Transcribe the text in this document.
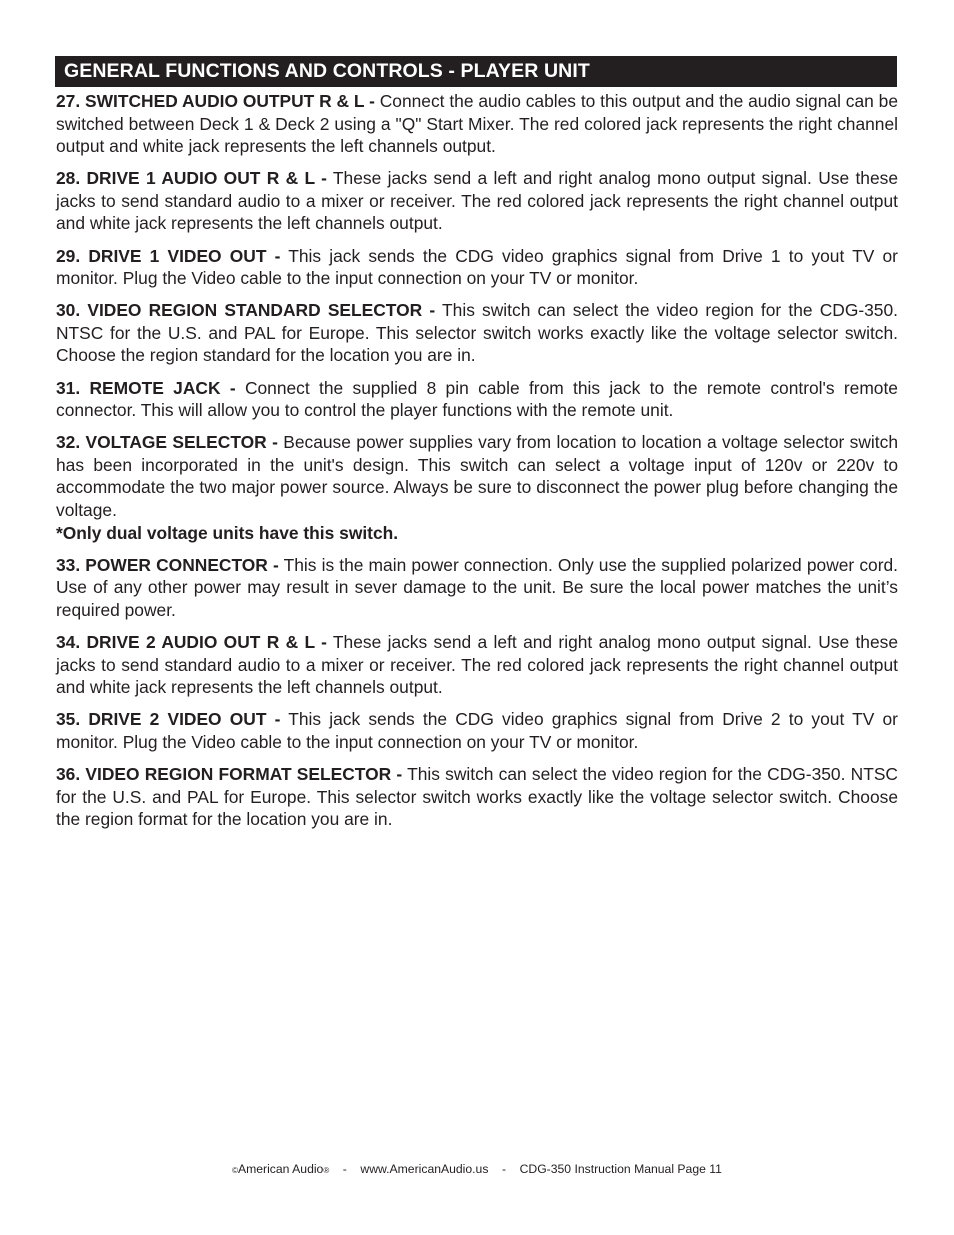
GENERAL FUNCTIONS AND CONTROLS - PLAYER UNIT

27. SWITCHED AUDIO OUTPUT R & L - Connect the audio cables to this output and the audio signal can be switched between Deck 1 & Deck 2 using a "Q" Start Mixer. The red colored jack represents the right channel output and white jack represents the left channels output.

28. DRIVE 1 AUDIO OUT R & L - These jacks send a left and right analog mono output signal. Use these jacks to send standard audio to a mixer or receiver. The red colored jack represents the right channel output and white jack represents the left channels output.

29. DRIVE 1 VIDEO OUT - This jack sends the CDG video graphics signal from Drive 1 to yout TV or monitor. Plug the Video cable to the input connection on your TV or monitor.

30. VIDEO REGION STANDARD SELECTOR - This switch can select the video region for the CDG-350. NTSC for the U.S. and PAL for Europe. This selector switch works exactly like the voltage selector switch. Choose the region standard for the location you are in.

31. REMOTE JACK - Connect the supplied 8 pin cable from this jack to the remote control's remote connector. This will allow you to control the player functions with the remote unit.

32. VOLTAGE SELECTOR - Because power supplies vary from location to location a voltage selector switch has been incorporated in the unit's design. This switch can select a voltage input of 120v or 220v to accommodate the two major power source. Always be sure to disconnect the power plug before changing the voltage.

*Only dual voltage units have this switch.

33. POWER CONNECTOR - This is the main power connection. Only use the supplied polarized power cord. Use of any other power may result in sever damage to the unit. Be sure the local power matches the unit’s required power.

34. DRIVE 2 AUDIO OUT R & L - These jacks send a left and right analog mono output signal. Use these jacks to send standard audio to a mixer or receiver. The red colored jack represents the right channel output and white jack represents the left channels output.

35. DRIVE 2 VIDEO OUT - This jack sends the CDG video graphics signal from Drive 2 to yout TV or monitor. Plug the Video cable to the input connection on your TV or monitor.

36. VIDEO REGION FORMAT SELECTOR - This switch can select the video region for the CDG-350. NTSC for the U.S. and PAL for Europe. This selector switch works exactly like the voltage selector switch. Choose the region format for the location you are in.

©American Audio® - www.AmericanAudio.us - CDG-350 Instruction Manual Page 11
